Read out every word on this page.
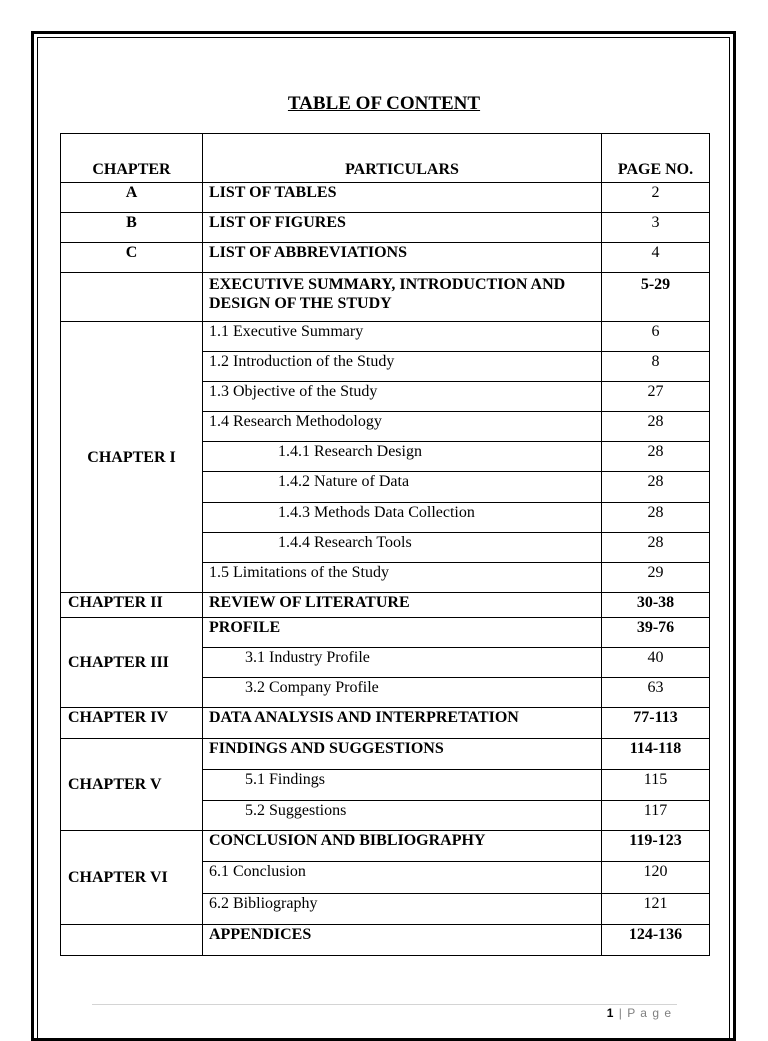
TABLE OF CONTENT
CHAPTER	PARTICULARS	PAGE NO.
A	LIST OF TABLES	2
B	LIST OF FIGURES	3
C	LIST OF ABBREVIATIONS	4
	EXECUTIVE SUMMARY, INTRODUCTION AND DESIGN OF THE STUDY	5-29
CHAPTER I	1.1 Executive Summary	6
	1.2 Introduction of the Study	8
	1.3 Objective of the Study	27
	1.4 Research Methodology	28
	1.4.1 Research Design	28
	1.4.2 Nature of Data	28
	1.4.3 Methods Data Collection	28
	1.4.4 Research Tools	28
	1.5 Limitations of the Study	29
CHAPTER II	REVIEW OF LITERATURE	30-38
CHAPTER III	PROFILE	39-76
	3.1 Industry Profile	40
	3.2 Company Profile	63
CHAPTER IV	DATA ANALYSIS AND INTERPRETATION	77-113
CHAPTER V	FINDINGS AND SUGGESTIONS	114-118
	5.1 Findings	115
	5.2 Suggestions	117
CHAPTER VI	CONCLUSION AND BIBLIOGRAPHY	119-123
	6.1 Conclusion	120
	6.2 Bibliography	121
	APPENDICES	124-136
1 | P a g e
